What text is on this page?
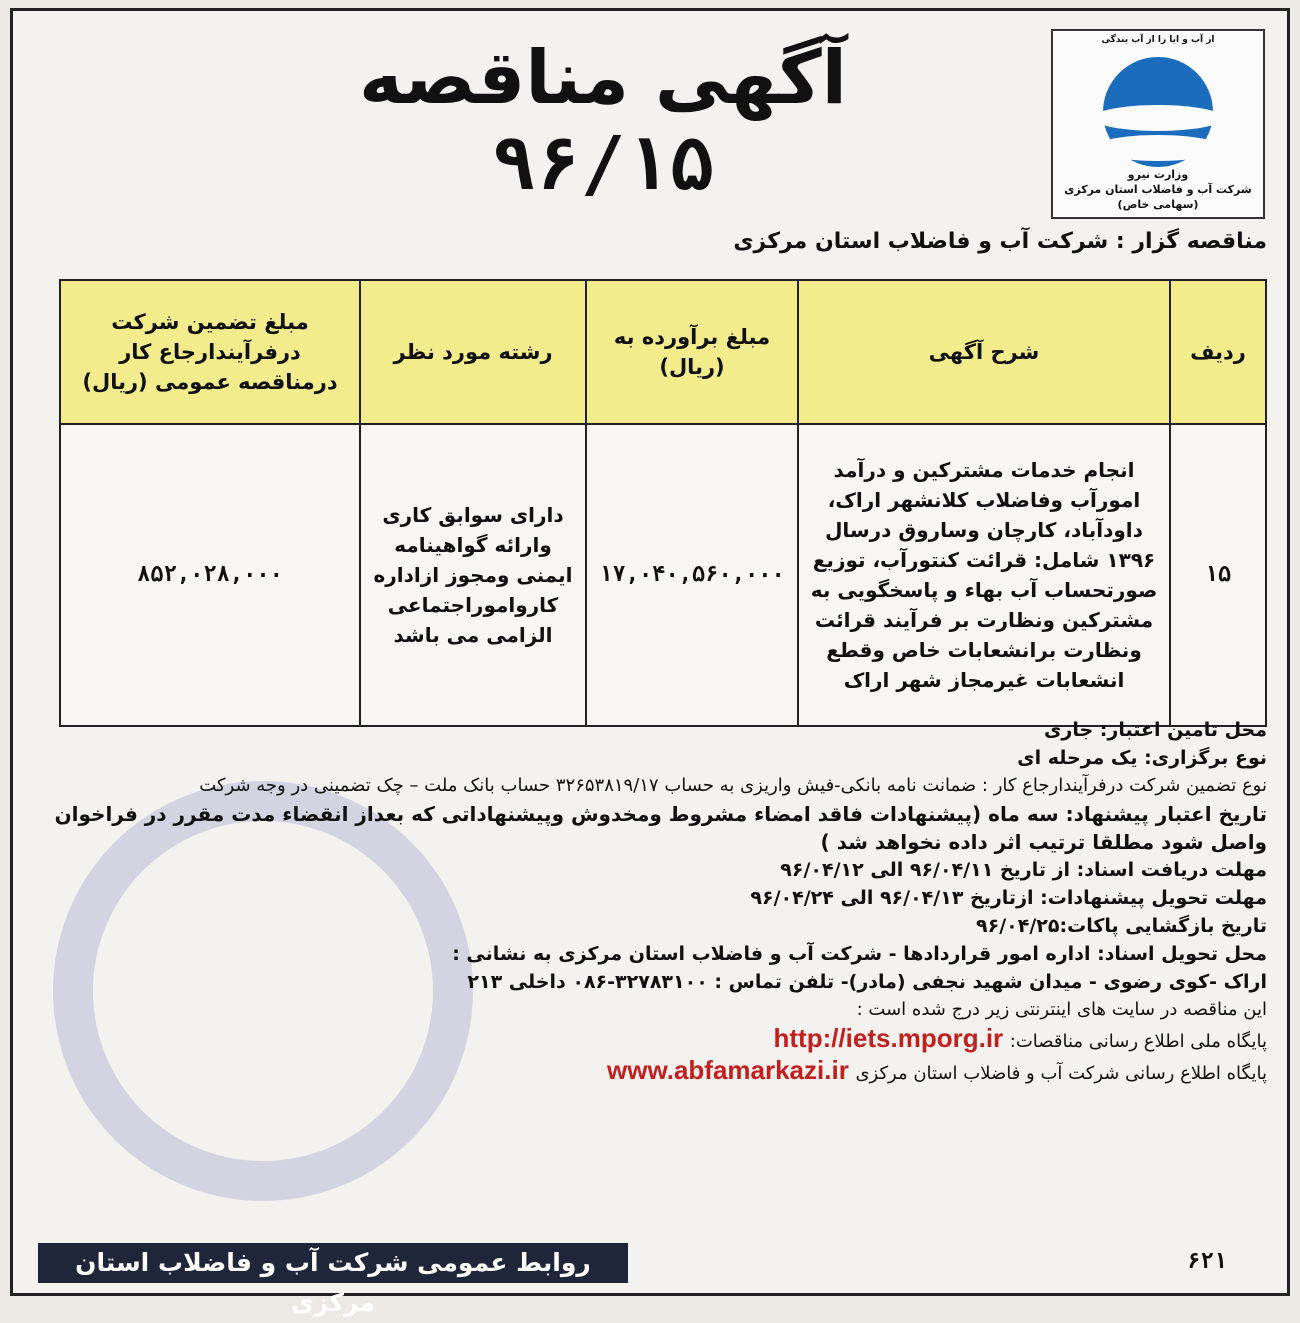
از آب و ایا را از آب یندگی
وزارت نیرو
شرکت آب و فاضلاب استان مرکزی
(سهامی خاص)
آگهی مناقصه
۹۶/۱۵
مناقصه گزار : شرکت آب و فاضلاب استان مرکزی
ردیف	شرح آگهی	مبلغ برآورده به (ریال)	رشته مورد نظر	مبلغ تضمین شرکت درفرآیندارجاع کار درمناقصه عمومی (ریال)
۱۵	انجام خدمات مشترکین و درآمد امورآب وفاضلاب کلانشهر اراک، داودآباد، کارچان وساروق درسال ۱۳۹۶ شامل: قرائت کنتورآب، توزیع صورتحساب آب بهاء و پاسخگویی به مشترکین ونظارت بر فرآیند قرائت ونظارت برانشعابات خاص وقطع انشعابات غیرمجاز شهر اراک	۱۷,۰۴۰,۵۶۰,۰۰۰	دارای سوابق کاری وارائه گواهینامه ایمنی ومجوز ازاداره کارواموراجتماعی الزامی می باشد	۸۵۲,۰۲۸,۰۰۰

محل تامین اعتبار: جاری

نوع برگزاری: یک مرحله ای

نوع تضمین شرکت درفرآیندارجاع کار : ضمانت نامه بانکی-فیش واریزی به حساب ۳۲۶۵۳۸۱۹/۱۷ حساب بانک ملت – چک تضمینی در وجه شرکت

تاریخ اعتبار پیشنهاد: سه ماه (پیشنهادات فاقد امضاء مشروط ومخدوش وپیشنهاداتی که بعداز انقضاء مدت مقرر در فراخوان واصل شود مطلقا ترتیب اثر داده نخواهد شد )

مهلت دریافت اسناد: از تاریخ ۹۶/۰۴/۱۱ الی ۹۶/۰۴/۱۲

مهلت تحویل پیشنهادات: ازتاریخ ۹۶/۰۴/۱۳ الی ۹۶/۰۴/۲۴

تاریخ بازگشایی پاکات:۹۶/۰۴/۲۵

محل تحویل اسناد: اداره امور قراردادها - شرکت آب و فاضلاب استان مرکزی به نشانی :

اراک -کوی رضوی - میدان شهید نجفی (مادر)- تلفن تماس : ۳۲۷۸۳۱۰۰-۰۸۶ داخلی ۲۱۳

این مناقصه در سایت های اینترنتی زیر درج شده است :

پایگاه ملی اطلاع رسانی مناقصات: http://iets.mporg.ir

پایگاه اطلاع رسانی شرکت آب و فاضلاب استان مرکزی www.abfamarkazi.ir

روابط عمومی شرکت آب و فاضلاب استان مرکزی
۶۲۱
